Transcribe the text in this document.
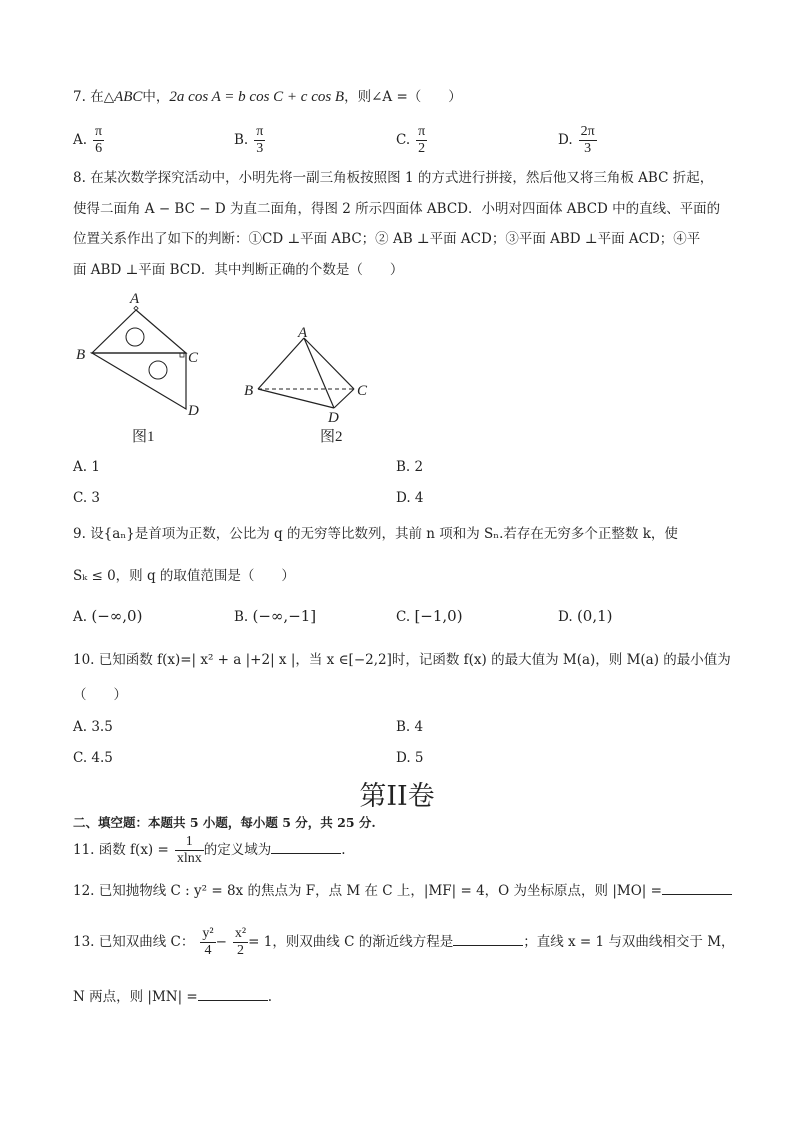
7. 在△ABC中，2a cos A = b cos C + c cos B，则∠A =（　　）
A. $\frac{\pi}{6}$	B. $\frac{\pi}{3}$	C. $\frac{\pi}{2}$	D. $\frac{2\pi}{3}$
8. 在某次数学探究活动中，小明先将一副三角板按照图 1 的方式进行拼接，然后他又将三角板 ABC 折起，
使得二面角 A − BC − D 为直二面角，得图 2 所示四面体 ABCD．小明对四面体 ABCD 中的直线、平面的
位置关系作出了如下的判断：①CD ⊥平面 ABC；② AB ⊥平面 ACD；③平面 ABD ⊥平面 ACD；④平
面 ABD ⊥平面 BCD．其中判断正确的个数是（　　）
A
B	C
D
图1
A
B	C
D
图2
A. 1	B. 2
C. 3	D. 4
9. 设{aₙ}是首项为正数，公比为 q 的无穷等比数列，其前 n 项和为 Sₙ.若存在无穷多个正整数 k，使
Sₖ ≤ 0，则 q 的取值范围是（　　）
A. (−∞,0)	B. (−∞,−1]	C. [−1,0)	D. (0,1)
10. 已知函数 f(x)=| x² + a |+2| x |，当 x ∈[−2,2]时，记函数 f(x) 的最大值为 M(a)，则 M(a) 的最小值为
（　　）
A. 3.5	B. 4
C. 4.5	D. 5
第II卷
二、填空题：本题共 5 小题，每小题 5 分，共 25 分.
11. 函数 $f(x) = \frac{1}{xlnx}$ 的定义域为	.
12. 已知抛物线 C : y² = 8x 的焦点为 F，点 M 在 C 上，|MF| = 4，O 为坐标原点，则 |MO| =
13. 已知双曲线 C： $\frac{\text{y²}}{4} - \frac{\text{x²}}{2} = 1$，则双曲线 C 的渐近线方程是	；直线 x = 1 与双曲线相交于 M，
N 两点，则 |MN| =	.
